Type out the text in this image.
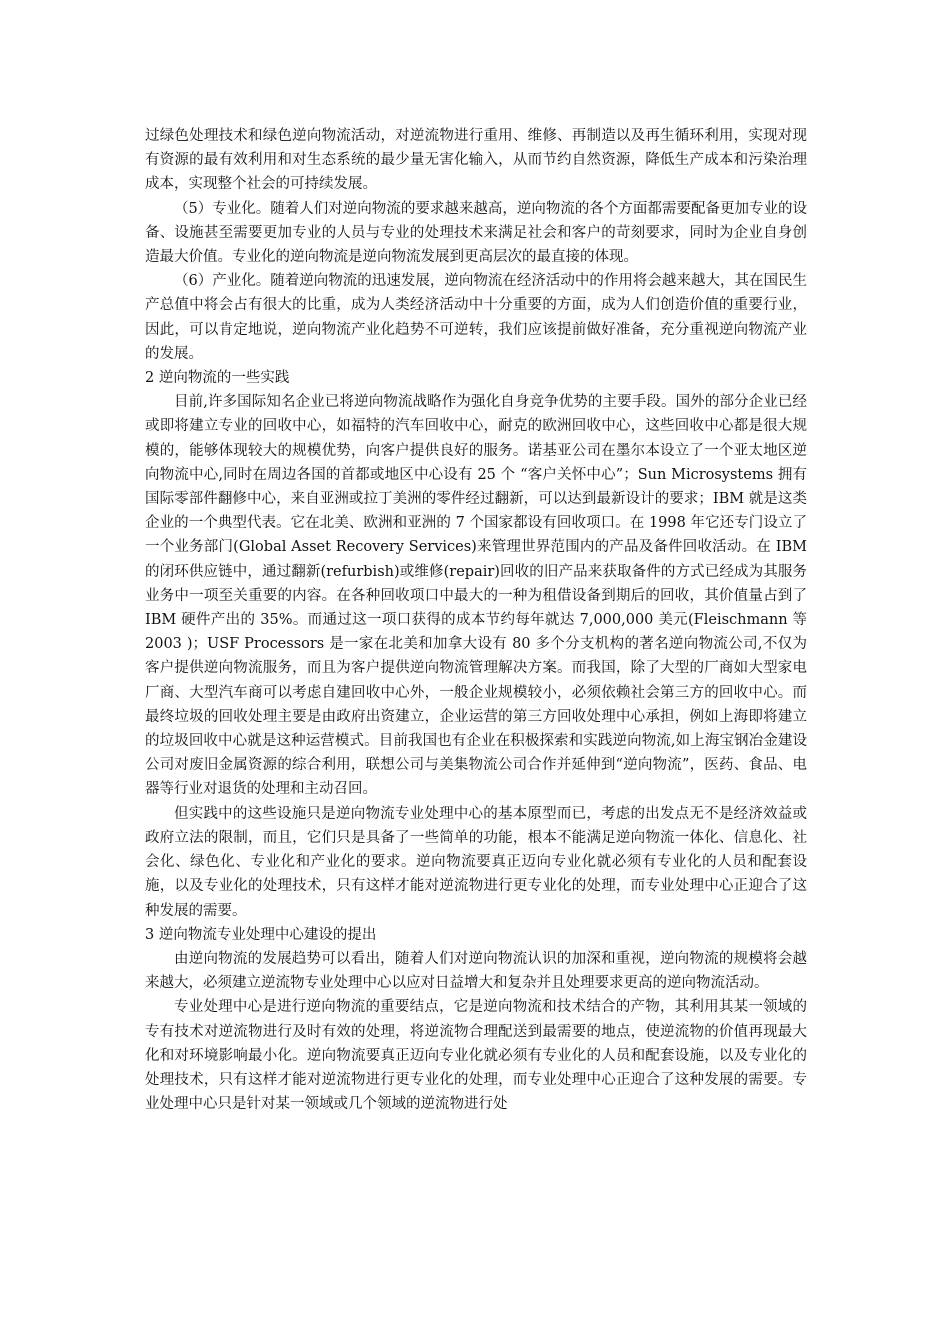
过绿色处理技术和绿色逆向物流活动，对逆流物进行重用、维修、再制造以及再生循环利用，实现对现有资源的最有效利用和对生态系统的最少量无害化输入，从而节约自然资源，降低生产成本和污染治理成本，实现整个社会的可持续发展。

（5）专业化。随着人们对逆向物流的要求越来越高，逆向物流的各个方面都需要配备更加专业的设备、设施甚至需要更加专业的人员与专业的处理技术来满足社会和客户的苛刻要求，同时为企业自身创造最大价值。专业化的逆向物流是逆向物流发展到更高层次的最直接的体现。

（6）产业化。随着逆向物流的迅速发展，逆向物流在经济活动中的作用将会越来越大，其在国民生产总值中将会占有很大的比重，成为人类经济活动中十分重要的方面，成为人们创造价值的重要行业，因此，可以肯定地说，逆向物流产业化趋势不可逆转，我们应该提前做好准备，充分重视逆向物流产业的发展。

2 逆向物流的一些实践

目前,许多国际知名企业已将逆向物流战略作为强化自身竞争优势的主要手段。国外的部分企业已经或即将建立专业的回收中心，如福特的汽车回收中心，耐克的欧洲回收中心，这些回收中心都是很大规模的，能够体现较大的规模优势，向客户提供良好的服务。诺基亚公司在墨尔本设立了一个亚太地区逆向物流中心,同时在周边各国的首都或地区中心设有 25 个 “客户关怀中心”；Sun Microsystems 拥有国际零部件翻修中心，来自亚洲或拉丁美洲的零件经过翻新，可以达到最新设计的要求；IBM 就是这类企业的一个典型代表。它在北美、欧洲和亚洲的 7 个国家都设有回收项口。在 1998 年它还专门设立了一个业务部门(Global Asset Recovery Services)来管理世界范围内的产品及备件回收活动。在 IBM 的闭环供应链中，通过翻新(refurbish)或维修(repair)回收的旧产品来获取备件的方式已经成为其服务业务中一项至关重要的内容。在各种回收项口中最大的一种为租借设备到期后的回收，其价值量占到了 IBM 硬件产出的 35%。而通过这一项口获得的成本节约每年就达 7,000,000 美元(Fleischmann 等 2003 )；USF Processors 是一家在北美和加拿大设有 80 多个分支机构的著名逆向物流公司,不仅为客户提供逆向物流服务，而且为客户提供逆向物流管理解决方案。而我国，除了大型的厂商如大型家电厂商、大型汽车商可以考虑自建回收中心外，一般企业规模较小，必须依赖社会第三方的回收中心。而最终垃圾的回收处理主要是由政府出资建立，企业运营的第三方回收处理中心承担，例如上海即将建立的垃圾回收中心就是这种运营模式。目前我国也有企业在积极探索和实践逆向物流,如上海宝钢冶金建设公司对废旧金属资源的综合利用，联想公司与美集物流公司合作并延伸到“逆向物流”，医药、食品、电器等行业对退货的处理和主动召回。

但实践中的这些设施只是逆向物流专业处理中心的基本原型而已，考虑的出发点无不是经济效益或政府立法的限制，而且，它们只是具备了一些简单的功能，根本不能满足逆向物流一体化、信息化、社会化、绿色化、专业化和产业化的要求。逆向物流要真正迈向专业化就必须有专业化的人员和配套设施，以及专业化的处理技术，只有这样才能对逆流物进行更专业化的处理，而专业处理中心正迎合了这种发展的需要。

3 逆向物流专业处理中心建设的提出

由逆向物流的发展趋势可以看出，随着人们对逆向物流认识的加深和重视，逆向物流的规模将会越来越大，必须建立逆流物专业处理中心以应对日益增大和复杂并且处理要求更高的逆向物流活动。

专业处理中心是进行逆向物流的重要结点，它是逆向物流和技术结合的产物，其利用其某一领域的专有技术对逆流物进行及时有效的处理，将逆流物合理配送到最需要的地点，使逆流物的价值再现最大化和对环境影响最小化。逆向物流要真正迈向专业化就必须有专业化的人员和配套设施，以及专业化的处理技术，只有这样才能对逆流物进行更专业化的处理，而专业处理中心正迎合了这种发展的需要。专业处理中心只是针对某一领域或几个领域的逆流物进行处
